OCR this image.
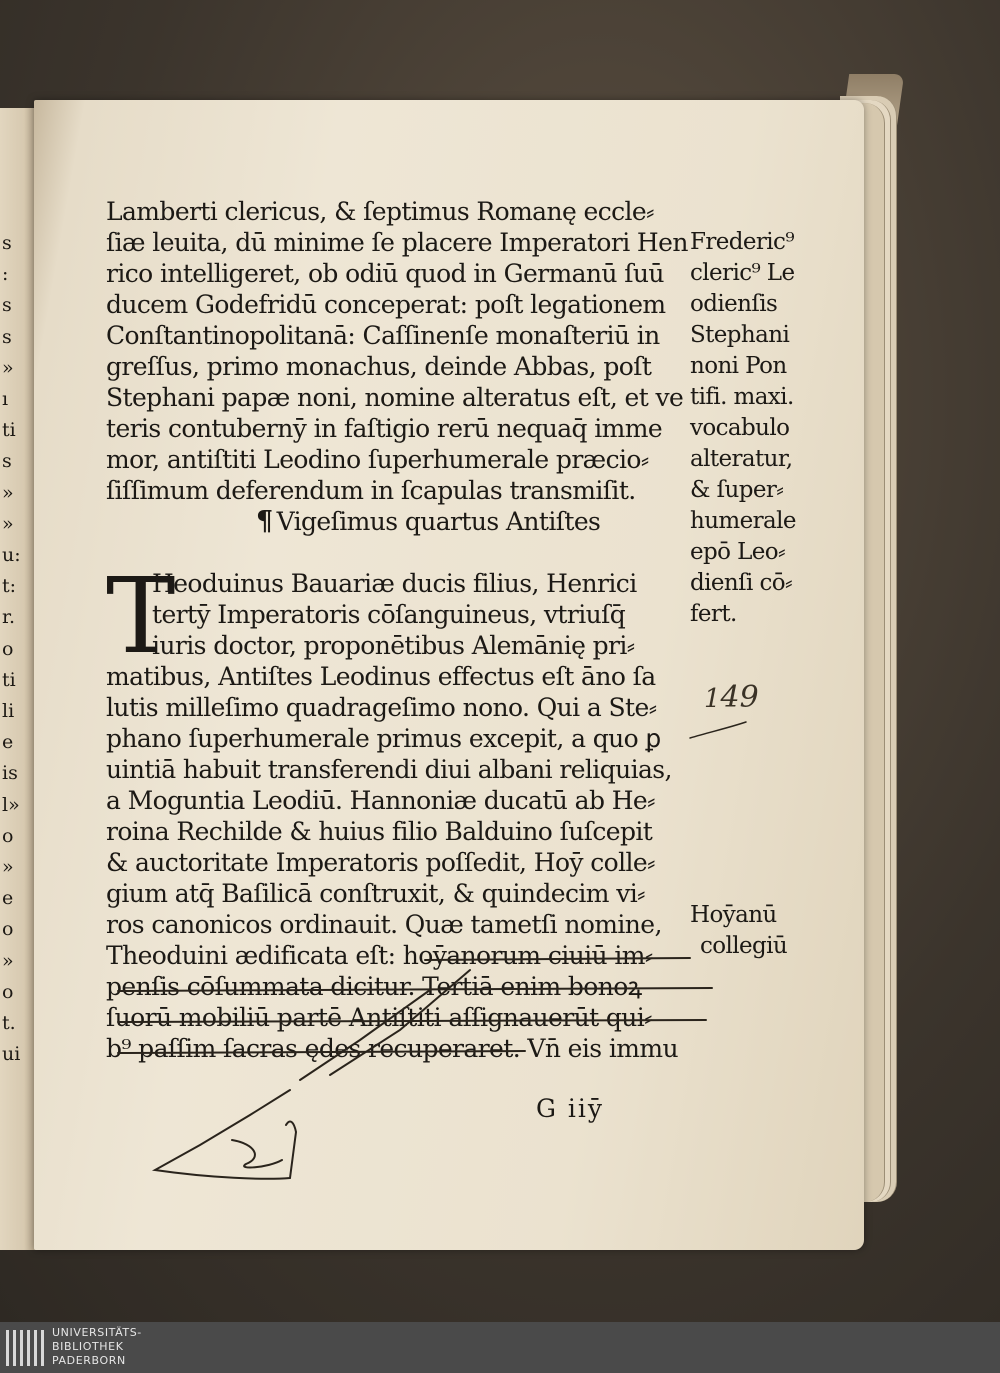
s
:
s
s
»
ı
ti
s
»
»
u:
t:
r.
o
ti
li
e
is
l»
o
»
e
o
»
o
t.
ui
Lamberti clericus, & ſeptimus Romanę eccle⸗
ſiæ leuita, dū minime ſe placere Imperatori Hen
rico intelligeret, ob odiū quod in Germanū ſuū
ducem Godefridū conceperat: poſt legationem
Conſtantinopolitanā: Caſſinenſe monaſteriū in
greſſus, primo monachus, deinde Abbas, poſt
Stephani papæ noni, nomine alteratus eſt, et ve
teris contubernȳ in faſtigio rerū nequaq̄ imme
mor, antiſtiti Leodino ſuperhumerale præcio⸗
ſiſſimum deferendum in ſcapulas transmiſit.
¶ Vigeſimus quartus Antiſtes
T
Heoduinus Bauariæ ducis filius, Henrici
tertȳ Imperatoris cōſanguineus, vtriuſq̄
iuris doctor, proponētibus Alemānię pri⸗
matibus, Antiſtes Leodinus effectus eſt āno ſa
lutis milleſimo quadrageſimo nono. Qui a Ste⸗
phano ſuperhumerale primus excepit, a quo ꝑ
uintiā habuit transferendi diui albani reliquias,
a Moguntia Leodiū. Hannoniæ ducatū ab He⸗
roina Rechilde & huius filio Balduino ſuſcepit
& auctoritate Imperatoris poſſedit, Hoȳ colle⸗
gium atq̄ Baſilicā conſtruxit, & quindecim vi⸗
ros canonicos ordinauit. Quæ tametſi nomine,
Theoduini ædificata eſt: hoȳanorum ciuiū im⸗
penſis cōſummata dicitur. Tertiā enim bonoꝝ
ſuorū mobiliū partē Antiſtiti aſſignauerūt qui⸗
b⁹ paſſim ſacras ędes recuperaret. Vn̄ eis immu
G iiȳ
Frederic⁹
cleric⁹ Le
odienſis
Stephani
noni Pon
tifi. maxi.
vocabulo
alteratur,
& ſuper⸗
humerale
epō Leo⸗
dienſi cō⸗
fert.
Hoȳanū
collegiū
149
UNIVERSITÄTS-
BIBLIOTHEK
PADERBORN
